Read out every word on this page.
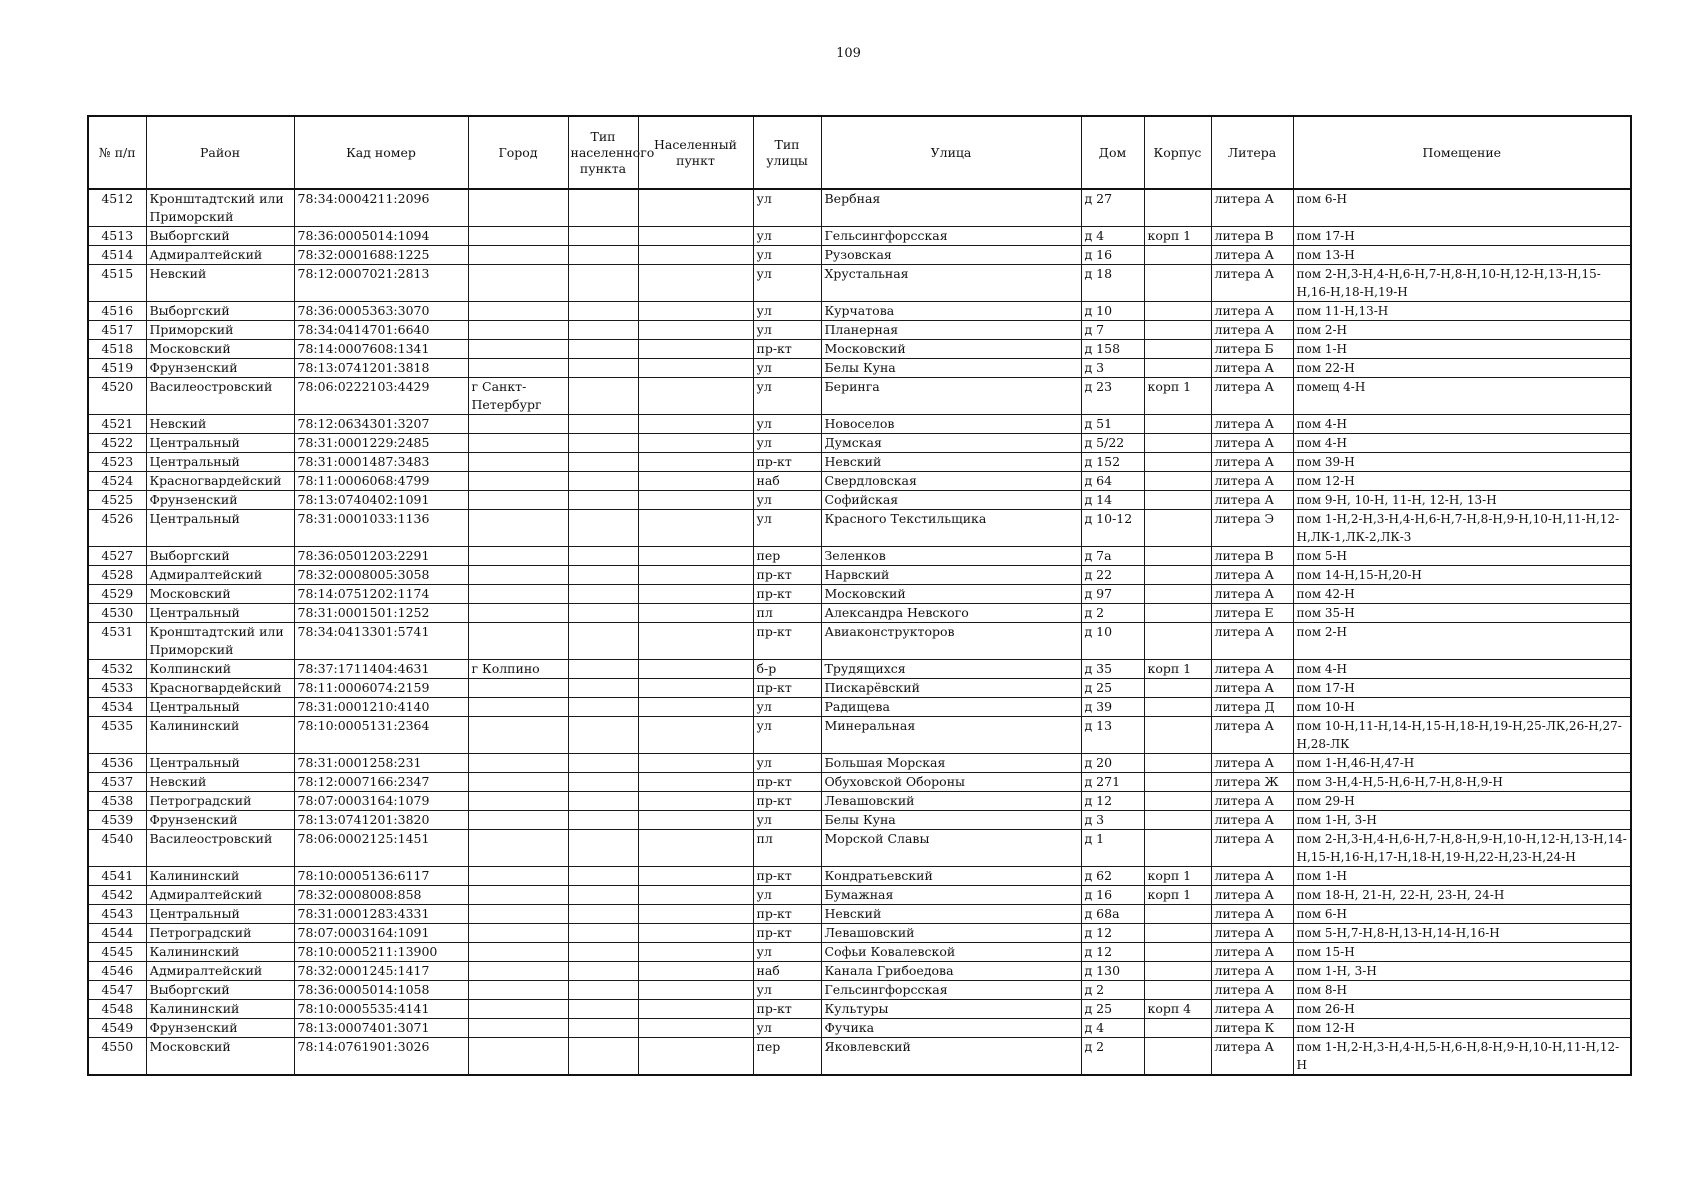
109
№ п/п	Район	Кад номер	Город	Тип населенного пункта	Населенный пункт	Тип улицы	Улица	Дом	Корпус	Литера	Помещение
4512	Кронштадтский или Приморский	78:34:0004211:2096				ул	Вербная	д 27		литера А	пом 6-Н
4513	Выборгский	78:36:0005014:1094				ул	Гельсингфорсская	д 4	корп 1	литера В	пом 17-Н
4514	Адмиралтейский	78:32:0001688:1225				ул	Рузовская	д 16		литера А	пом 13-Н
4515	Невский	78:12:0007021:2813				ул	Хрустальная	д 18		литера А	пом 2-Н,3-Н,4-Н,6-Н,7-Н,8-Н,10-Н,12-Н,13-Н,15-Н,16-Н,18-Н,19-Н
4516	Выборгский	78:36:0005363:3070				ул	Курчатова	д 10		литера А	пом 11-Н,13-Н
4517	Приморский	78:34:0414701:6640				ул	Планерная	д 7		литера А	пом 2-Н
4518	Московский	78:14:0007608:1341				пр-кт	Московский	д 158		литера Б	пом 1-Н
4519	Фрунзенский	78:13:0741201:3818				ул	Белы Куна	д 3		литера А	пом 22-Н
4520	Василеостровский	78:06:0222103:4429	г Санкт-Петербург			ул	Беринга	д 23	корп 1	литера А	помещ 4-Н
4521	Невский	78:12:0634301:3207				ул	Новоселов	д 51		литера А	пом 4-Н
4522	Центральный	78:31:0001229:2485				ул	Думская	д 5/22		литера А	пом 4-Н
4523	Центральный	78:31:0001487:3483				пр-кт	Невский	д 152		литера А	пом 39-Н
4524	Красногвардейский	78:11:0006068:4799				наб	Свердловская	д 64		литера А	пом 12-Н
4525	Фрунзенский	78:13:0740402:1091				ул	Софийская	д 14		литера А	пом 9-Н, 10-Н, 11-Н, 12-Н, 13-Н
4526	Центральный	78:31:0001033:1136				ул	Красного Текстильщика	д 10-12		литера Э	пом 1-Н,2-Н,3-Н,4-Н,6-Н,7-Н,8-Н,9-Н,10-Н,11-Н,12-Н,ЛК-1,ЛК-2,ЛК-3
4527	Выборгский	78:36:0501203:2291				пер	Зеленков	д 7а		литера В	пом 5-Н
4528	Адмиралтейский	78:32:0008005:3058				пр-кт	Нарвский	д 22		литера А	пом 14-Н,15-Н,20-Н
4529	Московский	78:14:0751202:1174				пр-кт	Московский	д 97		литера А	пом 42-Н
4530	Центральный	78:31:0001501:1252				пл	Александра Невского	д 2		литера Е	пом 35-Н
4531	Кронштадтский или Приморский	78:34:0413301:5741				пр-кт	Авиаконструкторов	д 10		литера А	пом 2-Н
4532	Колпинский	78:37:1711404:4631	г Колпино			б-р	Трудящихся	д 35	корп 1	литера А	пом 4-Н
4533	Красногвардейский	78:11:0006074:2159				пр-кт	Пискарёвский	д 25		литера А	пом 17-Н
4534	Центральный	78:31:0001210:4140				ул	Радищева	д 39		литера Д	пом 10-Н
4535	Калининский	78:10:0005131:2364				ул	Минеральная	д 13		литера А	пом 10-Н,11-Н,14-Н,15-Н,18-Н,19-Н,25-ЛК,26-Н,27-Н,28-ЛК
4536	Центральный	78:31:0001258:231				ул	Большая Морская	д 20		литера А	пом 1-Н,46-Н,47-Н
4537	Невский	78:12:0007166:2347				пр-кт	Обуховской Обороны	д 271		литера Ж	пом 3-Н,4-Н,5-Н,6-Н,7-Н,8-Н,9-Н
4538	Петроградский	78:07:0003164:1079				пр-кт	Левашовский	д 12		литера А	пом 29-Н
4539	Фрунзенский	78:13:0741201:3820				ул	Белы Куна	д 3		литера А	пом 1-Н, 3-Н
4540	Василеостровский	78:06:0002125:1451				пл	Морской Славы	д 1		литера А	пом 2-Н,3-Н,4-Н,6-Н,7-Н,8-Н,9-Н,10-Н,12-Н,13-Н,14-Н,15-Н,16-Н,17-Н,18-Н,19-Н,22-Н,23-Н,24-Н
4541	Калининский	78:10:0005136:6117				пр-кт	Кондратьевский	д 62	корп 1	литера А	пом 1-Н
4542	Адмиралтейский	78:32:0008008:858				ул	Бумажная	д 16	корп 1	литера А	пом 18-Н, 21-Н, 22-Н, 23-Н, 24-Н
4543	Центральный	78:31:0001283:4331				пр-кт	Невский	д 68а		литера А	пом 6-Н
4544	Петроградский	78:07:0003164:1091				пр-кт	Левашовский	д 12		литера А	пом 5-Н,7-Н,8-Н,13-Н,14-Н,16-Н
4545	Калининский	78:10:0005211:13900				ул	Софьи Ковалевской	д 12		литера А	пом 15-Н
4546	Адмиралтейский	78:32:0001245:1417				наб	Канала Грибоедова	д 130		литера А	пом 1-Н, 3-Н
4547	Выборгский	78:36:0005014:1058				ул	Гельсингфорсская	д 2		литера А	пом 8-Н
4548	Калининский	78:10:0005535:4141				пр-кт	Культуры	д 25	корп 4	литера А	пом 26-Н
4549	Фрунзенский	78:13:0007401:3071				ул	Фучика	д 4		литера К	пом 12-Н
4550	Московский	78:14:0761901:3026				пер	Яковлевский	д 2		литера А	пом 1-Н,2-Н,3-Н,4-Н,5-Н,6-Н,8-Н,9-Н,10-Н,11-Н,12-Н
